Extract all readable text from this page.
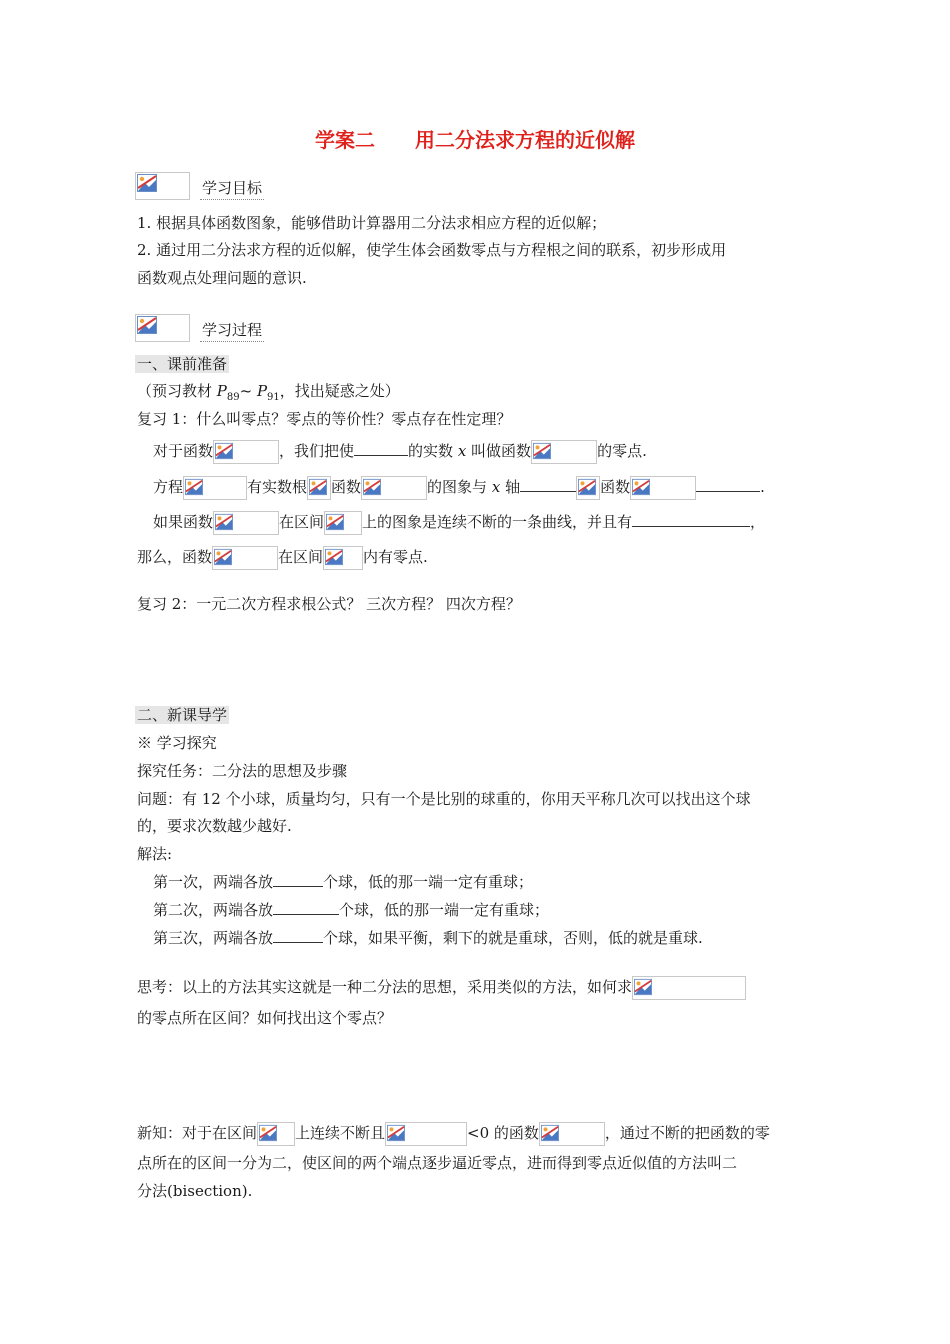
学案二 用二分法求方程的近似解
学习目标
1. 根据具体函数图象，能够借助计算器用二分法求相应方程的近似解；
2. 通过用二分法求方程的近似解，使学生体会函数零点与方程根之间的联系，初步形成用
函数观点处理问题的意识.
学习过程
一、课前准备
（预习教材 $P_{89}\sim$ $P_{91}$，找出疑惑之处）
复习 1：什么叫零点？零点的等价性？零点存在性定理？
对于函数	，我们把使	的实数 x 叫做函数	的零点.
方程	有实数根 函数	的图象与 x 轴	函数	.
如果函数	在区间	上的图象是连续不断的一条曲线，并且有	，
那么，函数	在区间	内有零点.
复习 2：一元二次方程求根公式？ 三次方程？ 四次方程？
二、新课导学
※ 学习探究
探究任务：二分法的思想及步骤
问题：有 12 个小球，质量均匀，只有一个是比别的球重的，你用天平称几次可以找出这个球
的，要求次数越少越好.
解法:
第一次，两端各放	个球，低的那一端一定有重球；
第二次，两端各放	个球，低的那一端一定有重球；
第三次，两端各放	个球，如果平衡，剩下的就是重球，否则，低的就是重球.
思考：以上的方法其实这就是一种二分法的思想，采用类似的方法，如何求
的零点所在区间？如何找出这个零点？
新知：对于在区间	上连续不断且	<0 的函数	，通过不断的把函数的零
点所在的区间一分为二，使区间的两个端点逐步逼近零点，进而得到零点近似值的方法叫二
分法(bisection).
